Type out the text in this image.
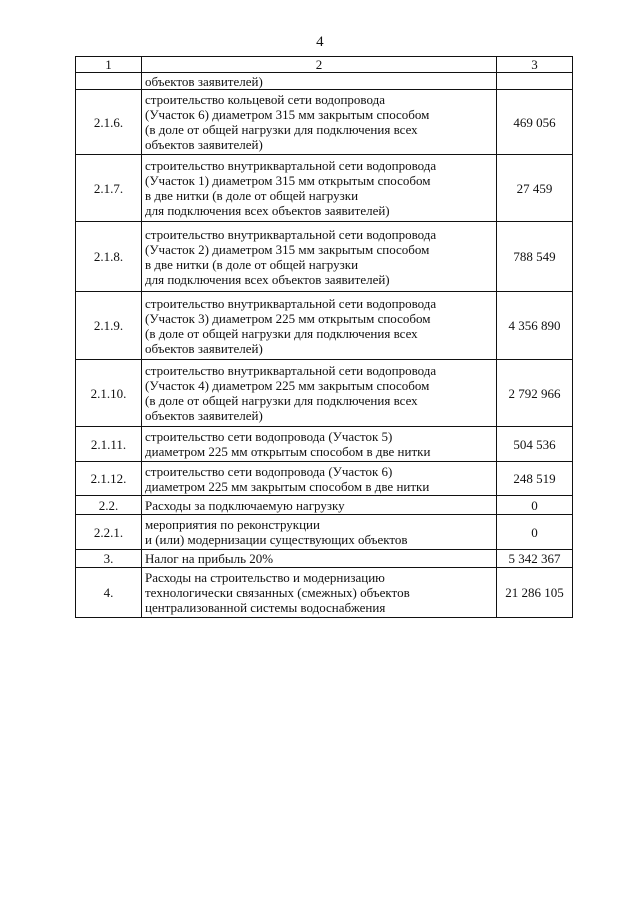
4
1	2	3
	объектов заявителей)	
2.1.6.	строительство кольцевой сети водопровода
(Участок 6) диаметром 315 мм закрытым способом
(в доле от общей нагрузки для подключения всех
объектов заявителей)	469 056
2.1.7.	строительство внутриквартальной сети водопровода
(Участок 1) диаметром 315 мм открытым способом
в две нитки (в доле от общей нагрузки
для подключения всех объектов заявителей)	27 459
2.1.8.	строительство внутриквартальной сети водопровода
(Участок 2) диаметром 315 мм закрытым способом
в две нитки (в доле от общей нагрузки
для подключения всех объектов заявителей)	788 549
2.1.9.	строительство внутриквартальной сети водопровода
(Участок 3) диаметром 225 мм открытым способом
(в доле от общей нагрузки для подключения всех
объектов заявителей)	4 356 890
2.1.10.	строительство внутриквартальной сети водопровода
(Участок 4) диаметром 225 мм закрытым способом
(в доле от общей нагрузки для подключения всех
объектов заявителей)	2 792 966
2.1.11.	строительство сети водопровода (Участок 5)
диаметром 225 мм открытым способом в две нитки	504 536
2.1.12.	строительство сети водопровода (Участок 6)
диаметром 225 мм закрытым способом в две нитки	248 519
2.2.	Расходы за подключаемую нагрузку	0
2.2.1.	мероприятия по реконструкции
и (или) модернизации существующих объектов	0
3.	Налог на прибыль 20%	5 342 367
4.	Расходы на строительство и модернизацию
технологически связанных (смежных) объектов
централизованной системы водоснабжения	21 286 105
